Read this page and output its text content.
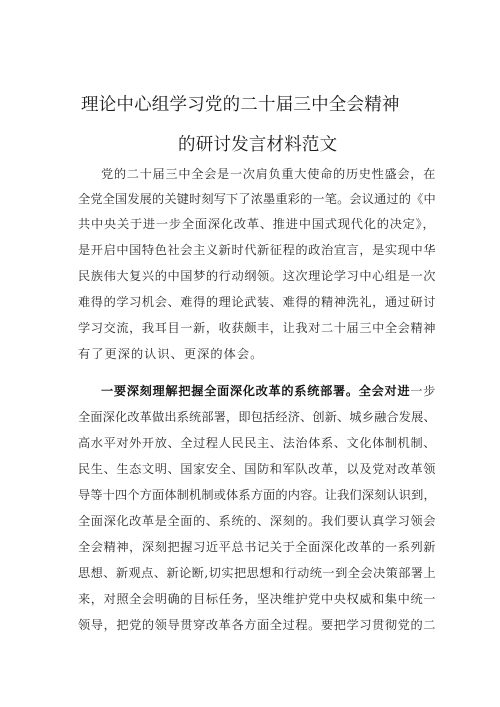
理论中心组学习党的二十届三中全会精神
的研讨发言材料范文
党的二十届三中全会是一次肩负重大使命的历史性盛会，在
全党全国发展的关键时刻写下了浓墨重彩的一笔。会议通过的《中
共中央关于进一步全面深化改革、推进中国式现代化的决定》，
是开启中国特色社会主义新时代新征程的政治宣言，是实现中华
民族伟大复兴的中国梦的行动纲领。这次理论学习中心组是一次
难得的学习机会、难得的理论武装、难得的精神洗礼，通过研讨
学习交流，我耳目一新，收获颇丰，让我对二十届三中全会精神
有了更深的认识、更深的体会。
一要深刻理解把握全面深化改革的系统部署。全会对进一步
全面深化改革做出系统部署，即包括经济、创新、城乡融合发展、
高水平对外开放、全过程人民民主、法治体系、文化体制机制、
民生、生态文明、国家安全、国防和军队改革，以及党对改革领
导等十四个方面体制机制或体系方面的内容。让我们深刻认识到，
全面深化改革是全面的、系统的、深刻的。我们要认真学习领会
全会精神，深刻把握习近平总书记关于全面深化改革的一系列新
思想、新观点、新论断,切实把思想和行动统一到全会决策部署上
来，对照全会明确的目标任务，坚决维护党中央权威和集中统一
领导，把党的领导贯穿改革各方面全过程。要把学习贯彻党的二
